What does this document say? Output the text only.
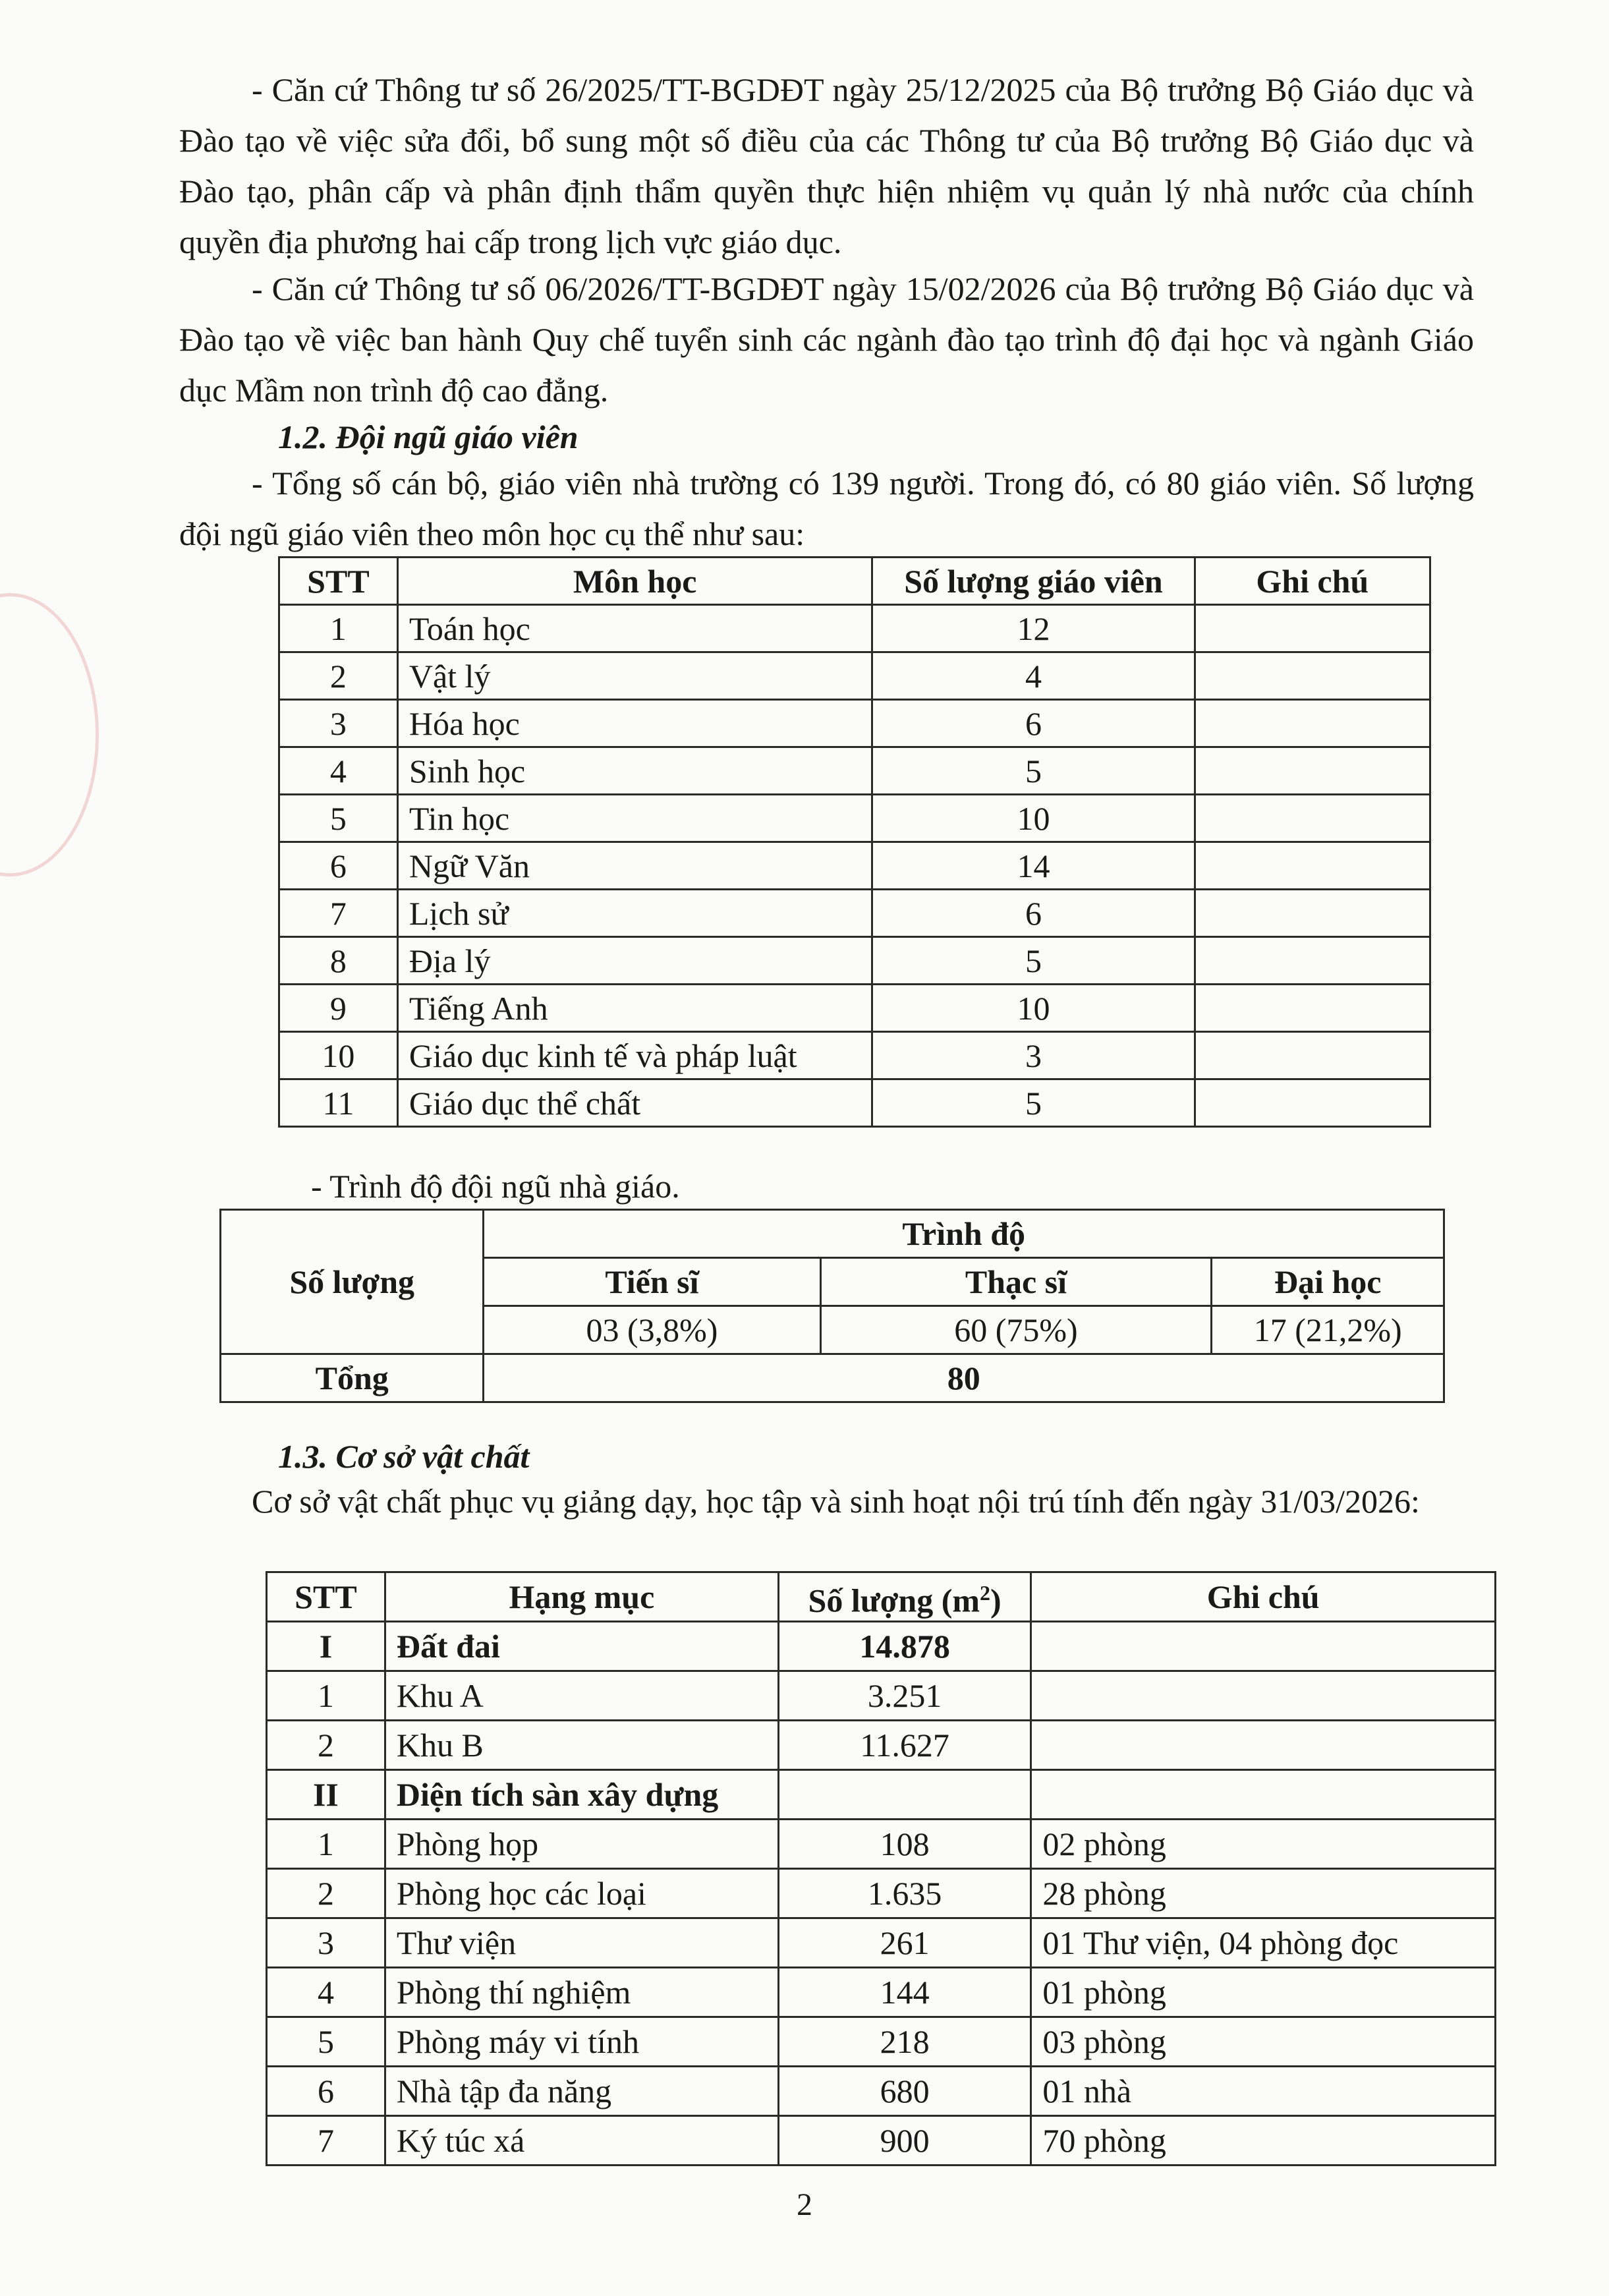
- Căn cứ Thông tư số 26/2025/TT-BGDĐT ngày 25/12/2025 của Bộ trưởng Bộ Giáo dục và Đào tạo về việc sửa đổi, bổ sung một số điều của các Thông tư của Bộ trưởng Bộ Giáo dục và Đào tạo, phân cấp và phân định thẩm quyền thực hiện nhiệm vụ quản lý nhà nước của chính quyền địa phương hai cấp trong lịch vực giáo dục.

- Căn cứ Thông tư số 06/2026/TT-BGDĐT ngày 15/02/2026 của Bộ trưởng Bộ Giáo dục và Đào tạo về việc ban hành Quy chế tuyển sinh các ngành đào tạo trình độ đại học và ngành Giáo dục Mầm non trình độ cao đẳng.

1.2. Đội ngũ giáo viên

- Tổng số cán bộ, giáo viên nhà trường có 139 người. Trong đó, có 80 giáo viên. Số lượng đội ngũ giáo viên theo môn học cụ thể như sau:

STT	Môn học	Số lượng giáo viên	Ghi chú
1	Toán học	12	
2	Vật lý	4	
3	Hóa học	6	
4	Sinh học	5	
5	Tin học	10	
6	Ngữ Văn	14	
7	Lịch sử	6	
8	Địa lý	5	
9	Tiếng Anh	10	
10	Giáo dục kinh tế và pháp luật	3	
11	Giáo dục thể chất	5	

- Trình độ đội ngũ nhà giáo.

Số lượng	Trình độ		
	Tiến sĩ	Thạc sĩ	Đại học
	03 (3,8%)	60 (75%)	17 (21,2%)
Tổng	80		

1.3. Cơ sở vật chất

Cơ sở vật chất phục vụ giảng dạy, học tập và sinh hoạt nội trú tính đến ngày 31/03/2026:

STT	Hạng mục	Số lượng $(m^2)$	Ghi chú
I	Đất đai	14.878	
1	Khu A	3.251	
2	Khu B	11.627	
II	Diện tích sàn xây dựng		
1	Phòng họp	108	02 phòng
2	Phòng học các loại	1.635	28 phòng
3	Thư viện	261	01 Thư viện, 04 phòng đọc
4	Phòng thí nghiệm	144	01 phòng
5	Phòng máy vi tính	218	03 phòng
6	Nhà tập đa năng	680	01 nhà
7	Ký túc xá	900	70 phòng
2
